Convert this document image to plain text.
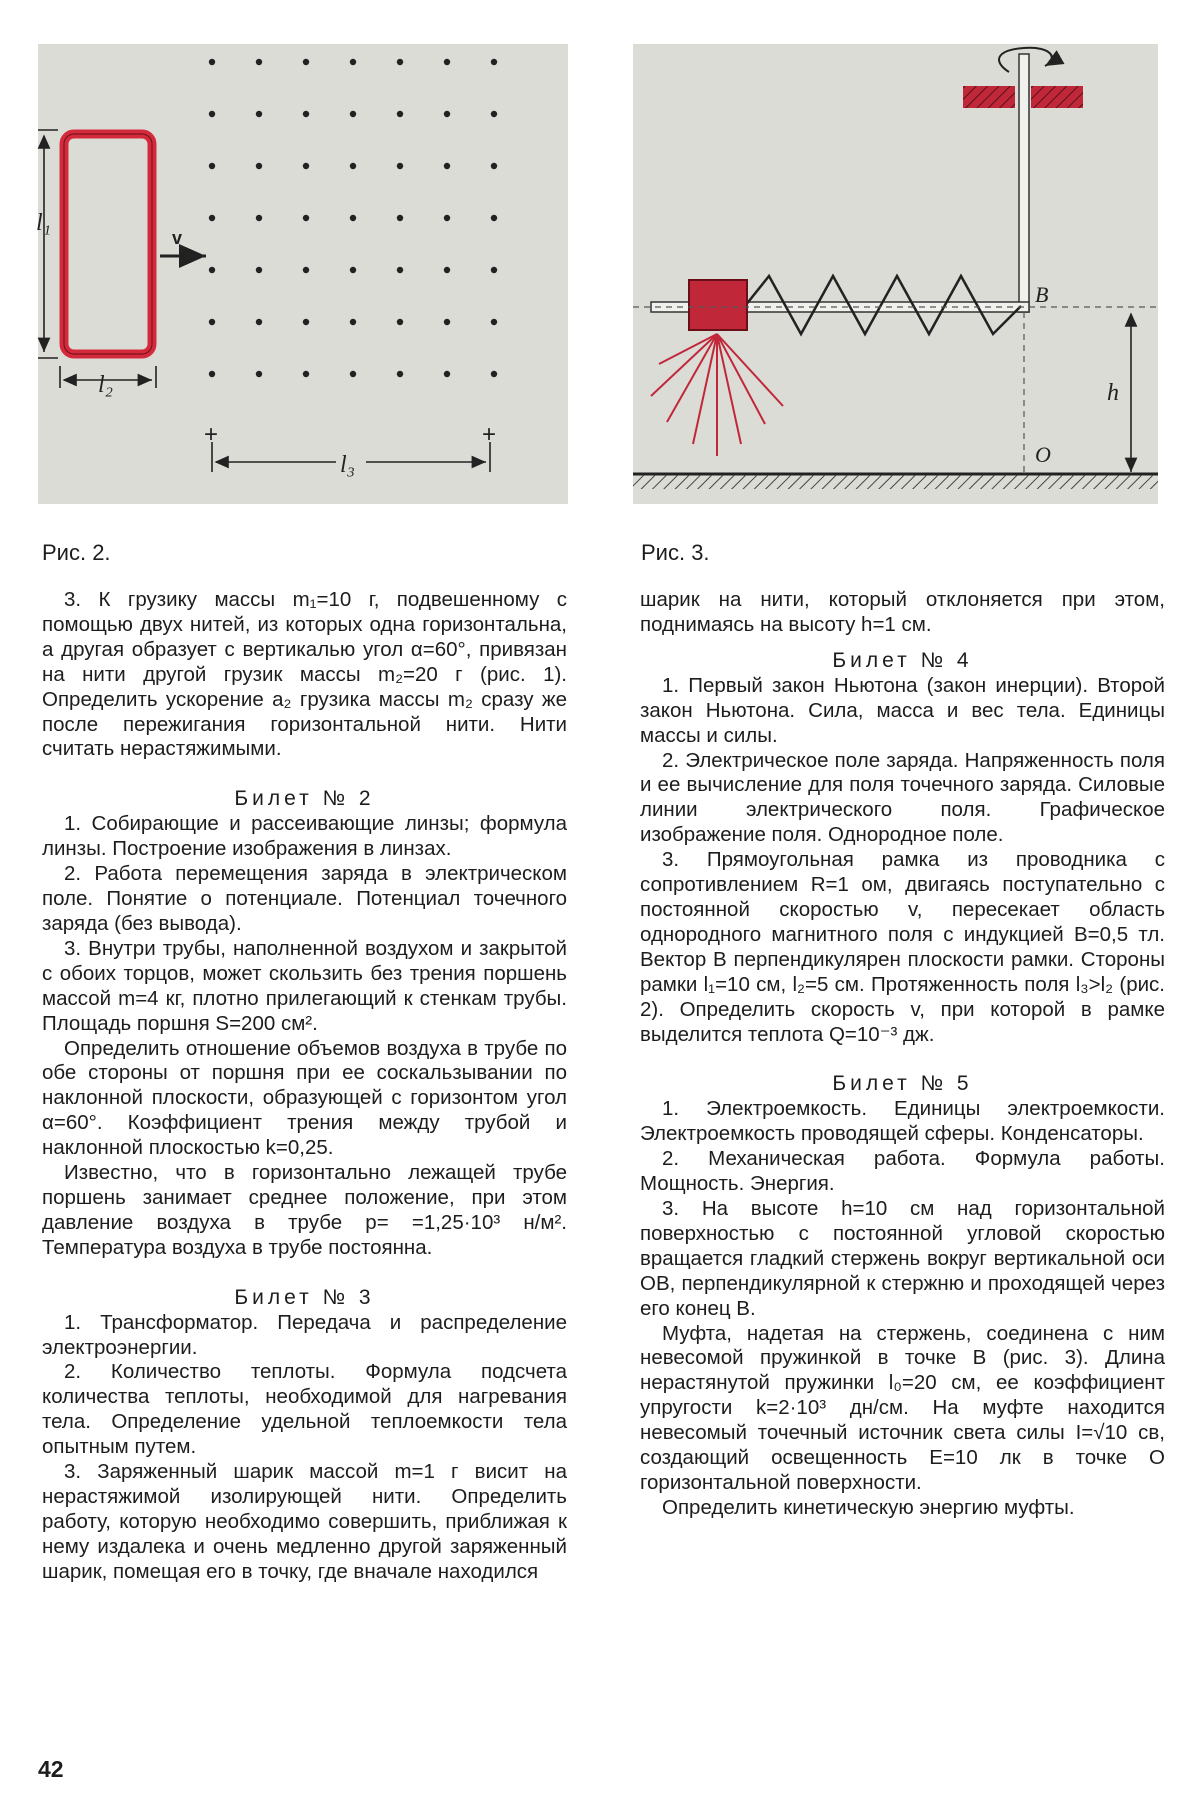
l₁
l₂
v
+	+
l₃
h
B
O
Рис. 2.	Рис. 3.

3. К грузику массы m₁=10 г, подвешенному с помощью двух нитей, из которых одна горизонтальна, а другая образует с вертикалью угол α=60°, привязан на нити другой грузик массы m₂=20 г (рис. 1). Определить ускорение a₂ грузика массы m₂ сразу же после пережигания горизонтальной нити. Нити считать нерастяжимыми.

Билет № 2

1. Собирающие и рассеивающие линзы; формула линзы. Построение изображения в линзах.

2. Работа перемещения заряда в электрическом поле. Понятие о потенциале. Потенциал точечного заряда (без вывода).

3. Внутри трубы, наполненной воздухом и закрытой с обоих торцов, может скользить без трения поршень массой m=4 кг, плотно прилегающий к стенкам трубы. Площадь поршня S=200 см².

Определить отношение объемов воздуха в трубе по обе стороны от поршня при ее соскальзывании по наклонной плоскости, образующей с горизонтом угол α=60°. Коэффициент трения между трубой и наклонной плоскостью k=0,25.

Известно, что в горизонтально лежащей трубе поршень занимает среднее положение, при этом давление воздуха в трубе p= =1,25·10³ н/м². Температура воздуха в трубе постоянна.

Билет № 3

1. Трансформатор. Передача и распределение электроэнергии.

2. Количество теплоты. Формула подсчета количества теплоты, необходимой для нагревания тела. Определение удельной теплоемкости тела опытным путем.

3. Заряженный шарик массой m=1 г висит на нерастяжимой изолирующей нити. Определить работу, которую необходимо совершить, приближая к нему издалека и очень медленно другой заряженный шарик, помещая его в точку, где вначале находился

шарик на нити, который отклоняется при этом, поднимаясь на высоту h=1 см.

Билет № 4

1. Первый закон Ньютона (закон инерции). Второй закон Ньютона. Сила, масса и вес тела. Единицы массы и силы.

2. Электрическое поле заряда. Напряженность поля и ее вычисление для поля точечного заряда. Силовые линии электрического поля. Графическое изображение поля. Однородное поле.

3. Прямоугольная рамка из проводника с сопротивлением R=1 ом, двигаясь поступательно с постоянной скоростью v, пересекает область однородного магнитного поля с индукцией B=0,5 тл. Вектор B перпендикулярен плоскости рамки. Стороны рамки l₁=10 см, l₂=5 см. Протяженность поля l₃>l₂ (рис. 2). Определить скорость v, при которой в рамке выделится теплота Q=10⁻³ дж.

Билет № 5

1. Электроемкость. Единицы электроемкости. Электроемкость проводящей сферы. Конденсаторы.

2. Механическая работа. Формула работы. Мощность. Энергия.

3. На высоте h=10 см над горизонтальной поверхностью с постоянной угловой скоростью вращается гладкий стержень вокруг вертикальной оси OB, перпендикулярной к стержню и проходящей через его конец B.

Муфта, надетая на стержень, соединена с ним невесомой пружинкой в точке B (рис. 3). Длина нерастянутой пружинки l₀=20 см, ее коэффициент упругости k=2·10³ дн/см. На муфте находится невесомый точечный источник света силы I=√10 св, создающий освещенность E=10 лк в точке O горизонтальной поверхности.

Определить кинетическую энергию муфты.

42
